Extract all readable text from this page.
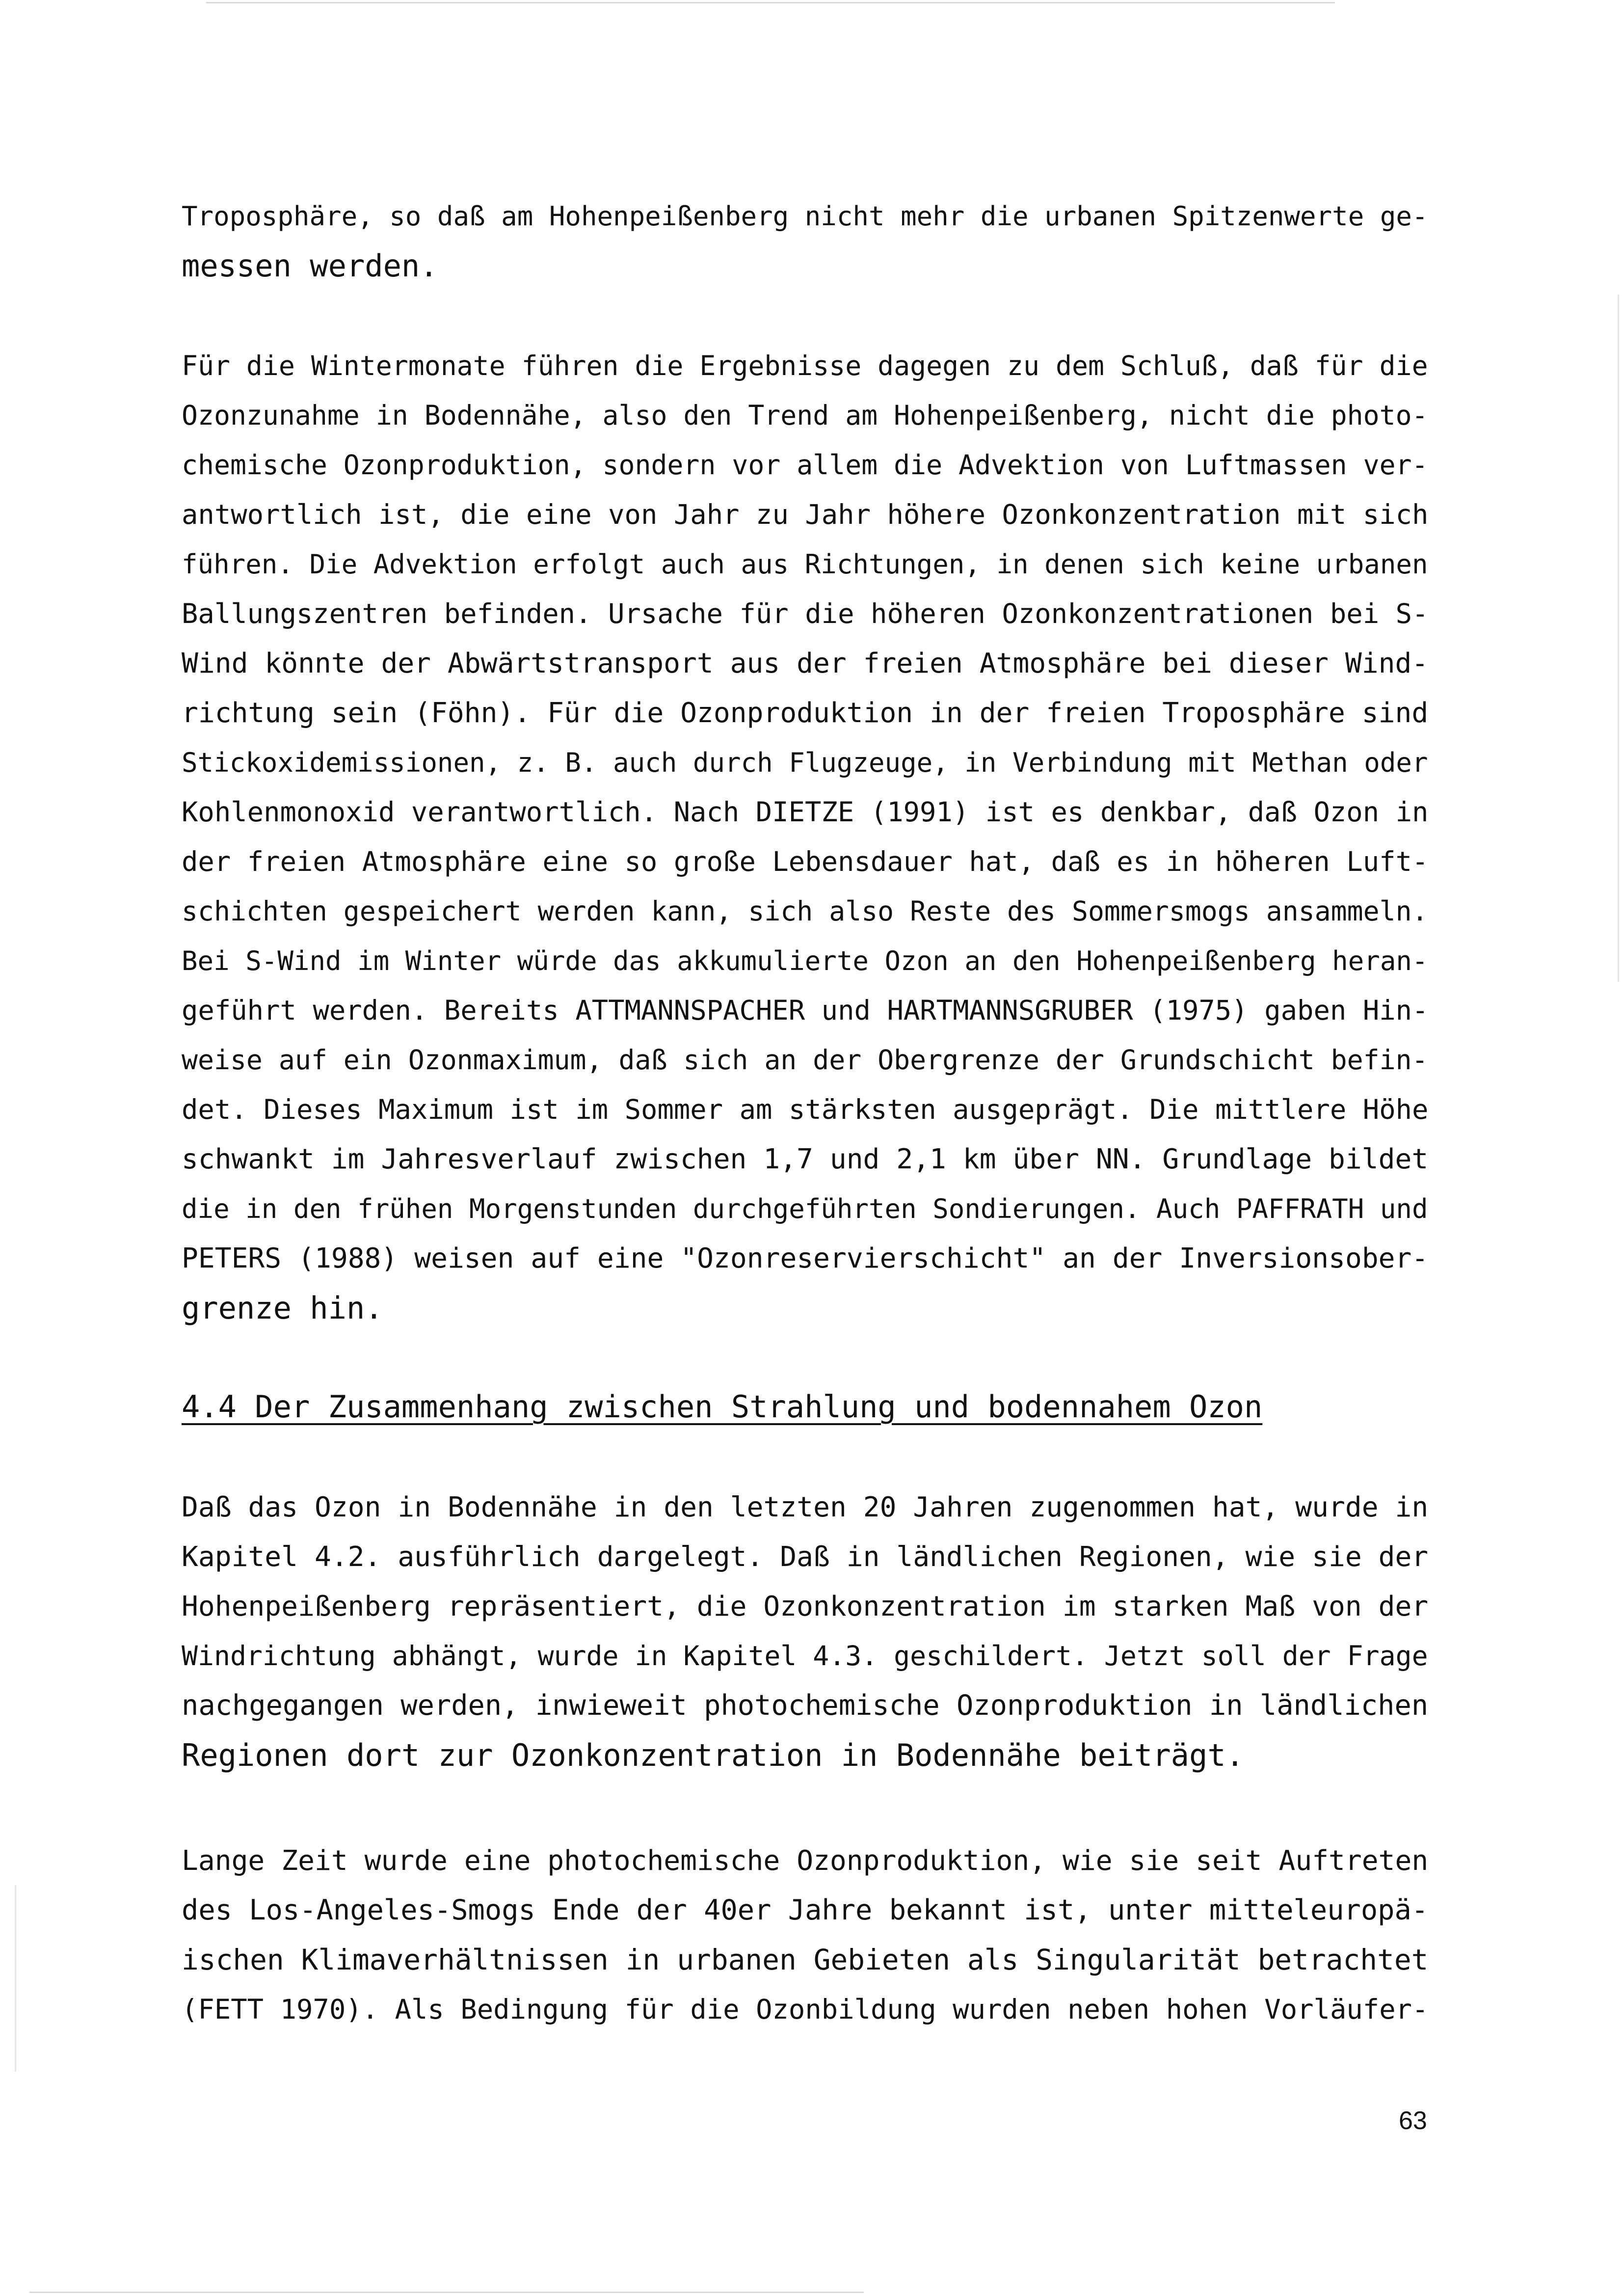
Troposphäre, so daß am Hohenpeißenberg nicht mehr die urbanen Spitzenwerte ge-
messen werden.
Für die Wintermonate führen die Ergebnisse dagegen zu dem Schluß, daß für die
Ozonzunahme in Bodennähe, also den Trend am Hohenpeißenberg, nicht die photo-
chemische Ozonproduktion, sondern vor allem die Advektion von Luftmassen ver-
antwortlich ist, die eine von Jahr zu Jahr höhere Ozonkonzentration mit sich
führen. Die Advektion erfolgt auch aus Richtungen, in denen sich keine urbanen
Ballungszentren befinden. Ursache für die höheren Ozonkonzentrationen bei S-
Wind könnte der Abwärtstransport aus der freien Atmosphäre bei dieser Wind-
richtung sein (Föhn). Für die Ozonproduktion in der freien Troposphäre sind
Stickoxidemissionen, z. B. auch durch Flugzeuge, in Verbindung mit Methan oder
Kohlenmonoxid verantwortlich. Nach DIETZE (1991) ist es denkbar, daß Ozon in
der freien Atmosphäre eine so große Lebensdauer hat, daß es in höheren Luft-
schichten gespeichert werden kann, sich also Reste des Sommersmogs ansammeln.
Bei S-Wind im Winter würde das akkumulierte Ozon an den Hohenpeißenberg heran-
geführt werden. Bereits ATTMANNSPACHER und HARTMANNSGRUBER (1975) gaben Hin-
weise auf ein Ozonmaximum, daß sich an der Obergrenze der Grundschicht befin-
det. Dieses Maximum ist im Sommer am stärksten ausgeprägt. Die mittlere Höhe
schwankt im Jahresverlauf zwischen 1,7 und 2,1 km über NN. Grundlage bildet
die in den frühen Morgenstunden durchgeführten Sondierungen. Auch PAFFRATH und
PETERS (1988) weisen auf eine "Ozonreservierschicht" an der Inversionsober-
grenze hin.
4.4 Der Zusammenhang zwischen Strahlung und bodennahem Ozon
Daß das Ozon in Bodennähe in den letzten 20 Jahren zugenommen hat, wurde in
Kapitel 4.2. ausführlich dargelegt. Daß in ländlichen Regionen, wie sie der
Hohenpeißenberg repräsentiert, die Ozonkonzentration im starken Maß von der
Windrichtung abhängt, wurde in Kapitel 4.3. geschildert. Jetzt soll der Frage
nachgegangen werden, inwieweit photochemische Ozonproduktion in ländlichen
Regionen dort zur Ozonkonzentration in Bodennähe beiträgt.
Lange Zeit wurde eine photochemische Ozonproduktion, wie sie seit Auftreten
des Los-Angeles-Smogs Ende der 40er Jahre bekannt ist, unter mitteleuropä-
ischen Klimaverhältnissen in urbanen Gebieten als Singularität betrachtet
(FETT 1970). Als Bedingung für die Ozonbildung wurden neben hohen Vorläufer-
63
